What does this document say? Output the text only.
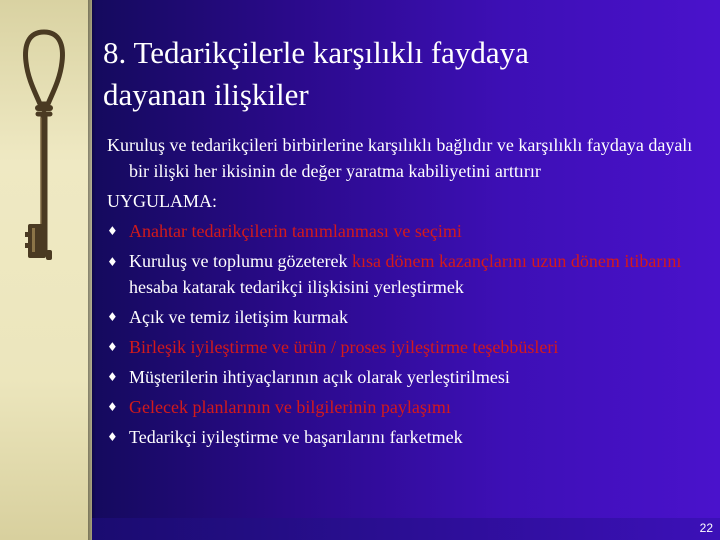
8. Tedarikçilerle karşılıklı faydaya
dayanan ilişkiler

Kuruluş ve tedarikçileri birbirlerine karşılıklı bağlıdır ve karşılıklı faydaya dayalı bir ilişki her ikisinin de değer yaratma kabiliyetini arttırır

UYGULAMA:

♦ Anahtar tedarikçilerin tanımlanması ve seçimi

♦ Kuruluş ve toplumu gözeterek kısa dönem kazançlarını uzun dönem itibarını hesaba katarak tedarikçi ilişkisini yerleştirmek

♦ Açık ve temiz iletişim kurmak

♦ Birleşik iyileştirme ve ürün / proses iyileştirme teşebbüsleri

♦ Müşterilerin ihtiyaçlarının açık olarak yerleştirilmesi

♦ Gelecek planlarının ve bilgilerinin paylaşımı

♦ Tedarikçi iyileştirme ve başarılarını farketmek

22
